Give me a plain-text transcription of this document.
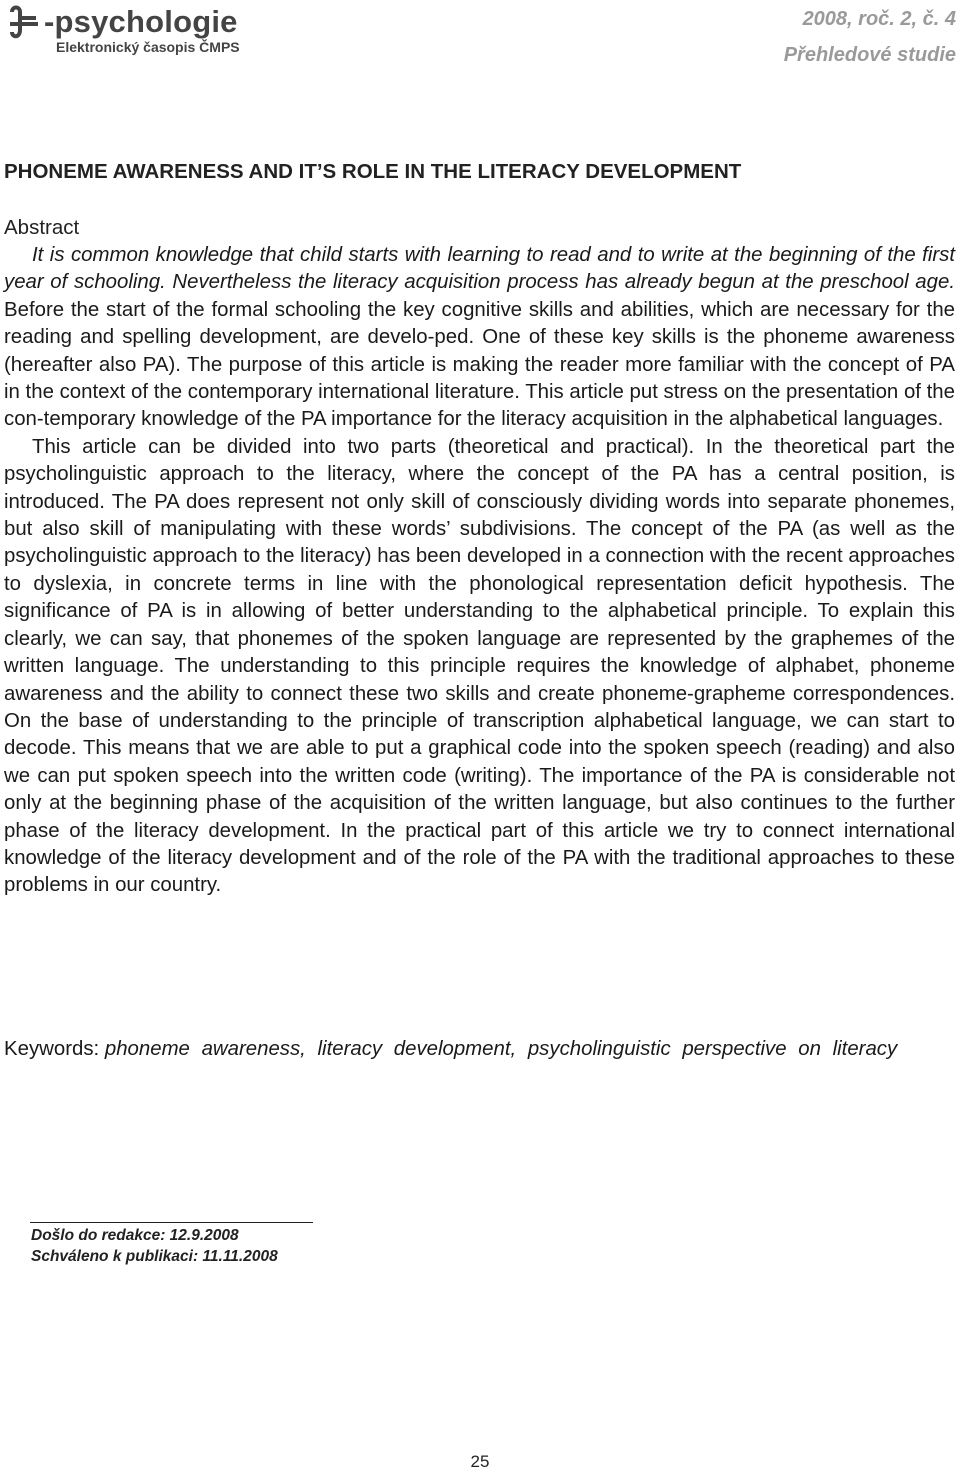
-psychologie
Elektronický časopis ČMPS
2008, roč. 2, č. 4
Přehledové studie
PHONEME AWARENESS AND IT’S ROLE IN THE LITERACY DEVELOPMENT
Abstract

It is common knowledge that child starts with learning to read and to write at the beginning of the first year of schooling. Nevertheless the literacy acquisition process has already begun at the preschool age. Before the start of the formal schooling the key cognitive skills and abilities, which are necessary for the reading and spelling development, are develo-ped. One of these key skills is the phoneme awareness (hereafter also PA). The purpose of this article is making the reader more familiar with the concept of PA in the context of the contemporary international literature. This article put stress on the presentation of the con-temporary knowledge of the PA importance for the literacy acquisition in the alphabetical languages.

This article can be divided into two parts (theoretical and practical). In the theoretical part the psycholinguistic approach to the literacy, where the concept of the PA has a central position, is introduced. The PA does represent not only skill of consciously dividing words into separate phonemes, but also skill of manipulating with these words’ subdivisions. The concept of the PA (as well as the psycholinguistic approach to the literacy) has been developed in a connection with the recent approaches to dyslexia, in concrete terms in line with the phonological representation deficit hypothesis. The significance of PA is in allowing of better understanding to the alphabetical principle. To explain this clearly, we can say, that phonemes of the spoken language are represented by the graphemes of the written language. The understanding to this principle requires the knowledge of alphabet, phoneme awareness and the ability to connect these two skills and create phoneme-grapheme correspondences. On the base of understanding to the principle of transcription alphabetical language, we can start to decode. This means that we are able to put a graphical code into the spoken speech (reading) and also we can put spoken speech into the written code (writing). The importance of the PA is considerable not only at the beginning phase of the acquisition of the written language, but also continues to the further phase of the literacy development. In the practical part of this article we try to connect international knowledge of the literacy development and of the role of the PA with the traditional approaches to these problems in our country.

Keywords: phoneme awareness, literacy development, psycholinguistic perspective on literacy
Došlo do redakce: 12.9.2008
Schváleno k publikaci: 11.11.2008
25
